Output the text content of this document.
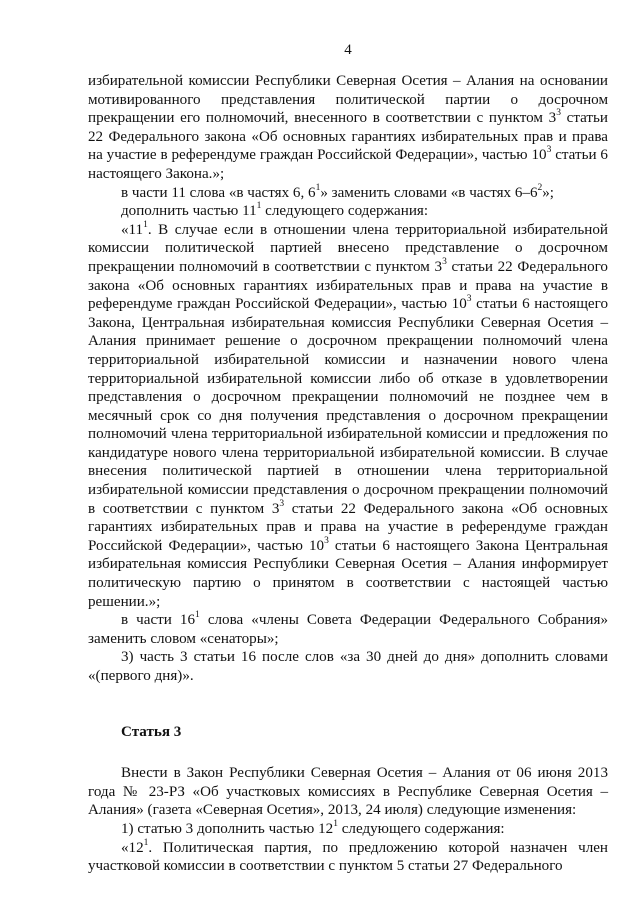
4

избирательной комиссии Республики Северная Осетия – Алания на основании мотивированного представления политической партии о досрочном прекращении его полномочий, внесенного в соответствии с пунктом $3^3$ статьи 22 Федерального закона «Об основных гарантиях избирательных прав и права на участие в референдуме граждан Российской Федерации», частью $10^3$ статьи 6 настоящего Закона.»;

в части 11 слова «в частях 6, $6^1$» заменить словами «в частях $6-6^2$»;

дополнить частью $11^1$ следующего содержания:

«$11^1$. В случае если в отношении члена территориальной избирательной комиссии политической партией внесено представление о досрочном прекращении полномочий в соответствии с пунктом $3^3$ статьи 22 Федерального закона «Об основных гарантиях избирательных прав и права на участие в референдуме граждан Российской Федерации», частью $10^3$ статьи 6 настоящего Закона, Центральная избирательная комиссия Республики Северная Осетия – Алания принимает решение о досрочном прекращении полномочий члена территориальной избирательной комиссии и назначении нового члена территориальной избирательной комиссии либо об отказе в удовлетворении представления о досрочном прекращении полномочий не позднее чем в месячный срок со дня получения представления о досрочном прекращении полномочий члена территориальной избирательной комиссии и предложения по кандидатуре нового члена территориальной избирательной комиссии. В случае внесения политической партией в отношении члена территориальной избирательной комиссии представления о досрочном прекращении полномочий в соответствии с пунктом $3^3$ статьи 22 Федерального закона «Об основных гарантиях избирательных прав и права на участие в референдуме граждан Российской Федерации», частью $10^3$ статьи 6 настоящего Закона Центральная избирательная комиссия Республики Северная Осетия – Алания информирует политическую партию о принятом в соответствии с настоящей частью решении.»;

в части $16^1$ слова «члены Совета Федерации Федерального Собрания» заменить словом «сенаторы»;

3) часть 3 статьи 16 после слов «за 30 дней до дня» дополнить словами «(первого дня)».

Статья 3

Внести в Закон Республики Северная Осетия – Алания от 06 июня 2013 года № 23-РЗ «Об участковых комиссиях в Республике Северная Осетия – Алания» (газета «Северная Осетия», 2013, 24 июля) следующие изменения:

1) статью 3 дополнить частью $12^1$ следующего содержания:

«$12^1$. Политическая партия, по предложению которой назначен член участковой комиссии в соответствии с пунктом 5 статьи 27 Федерального
